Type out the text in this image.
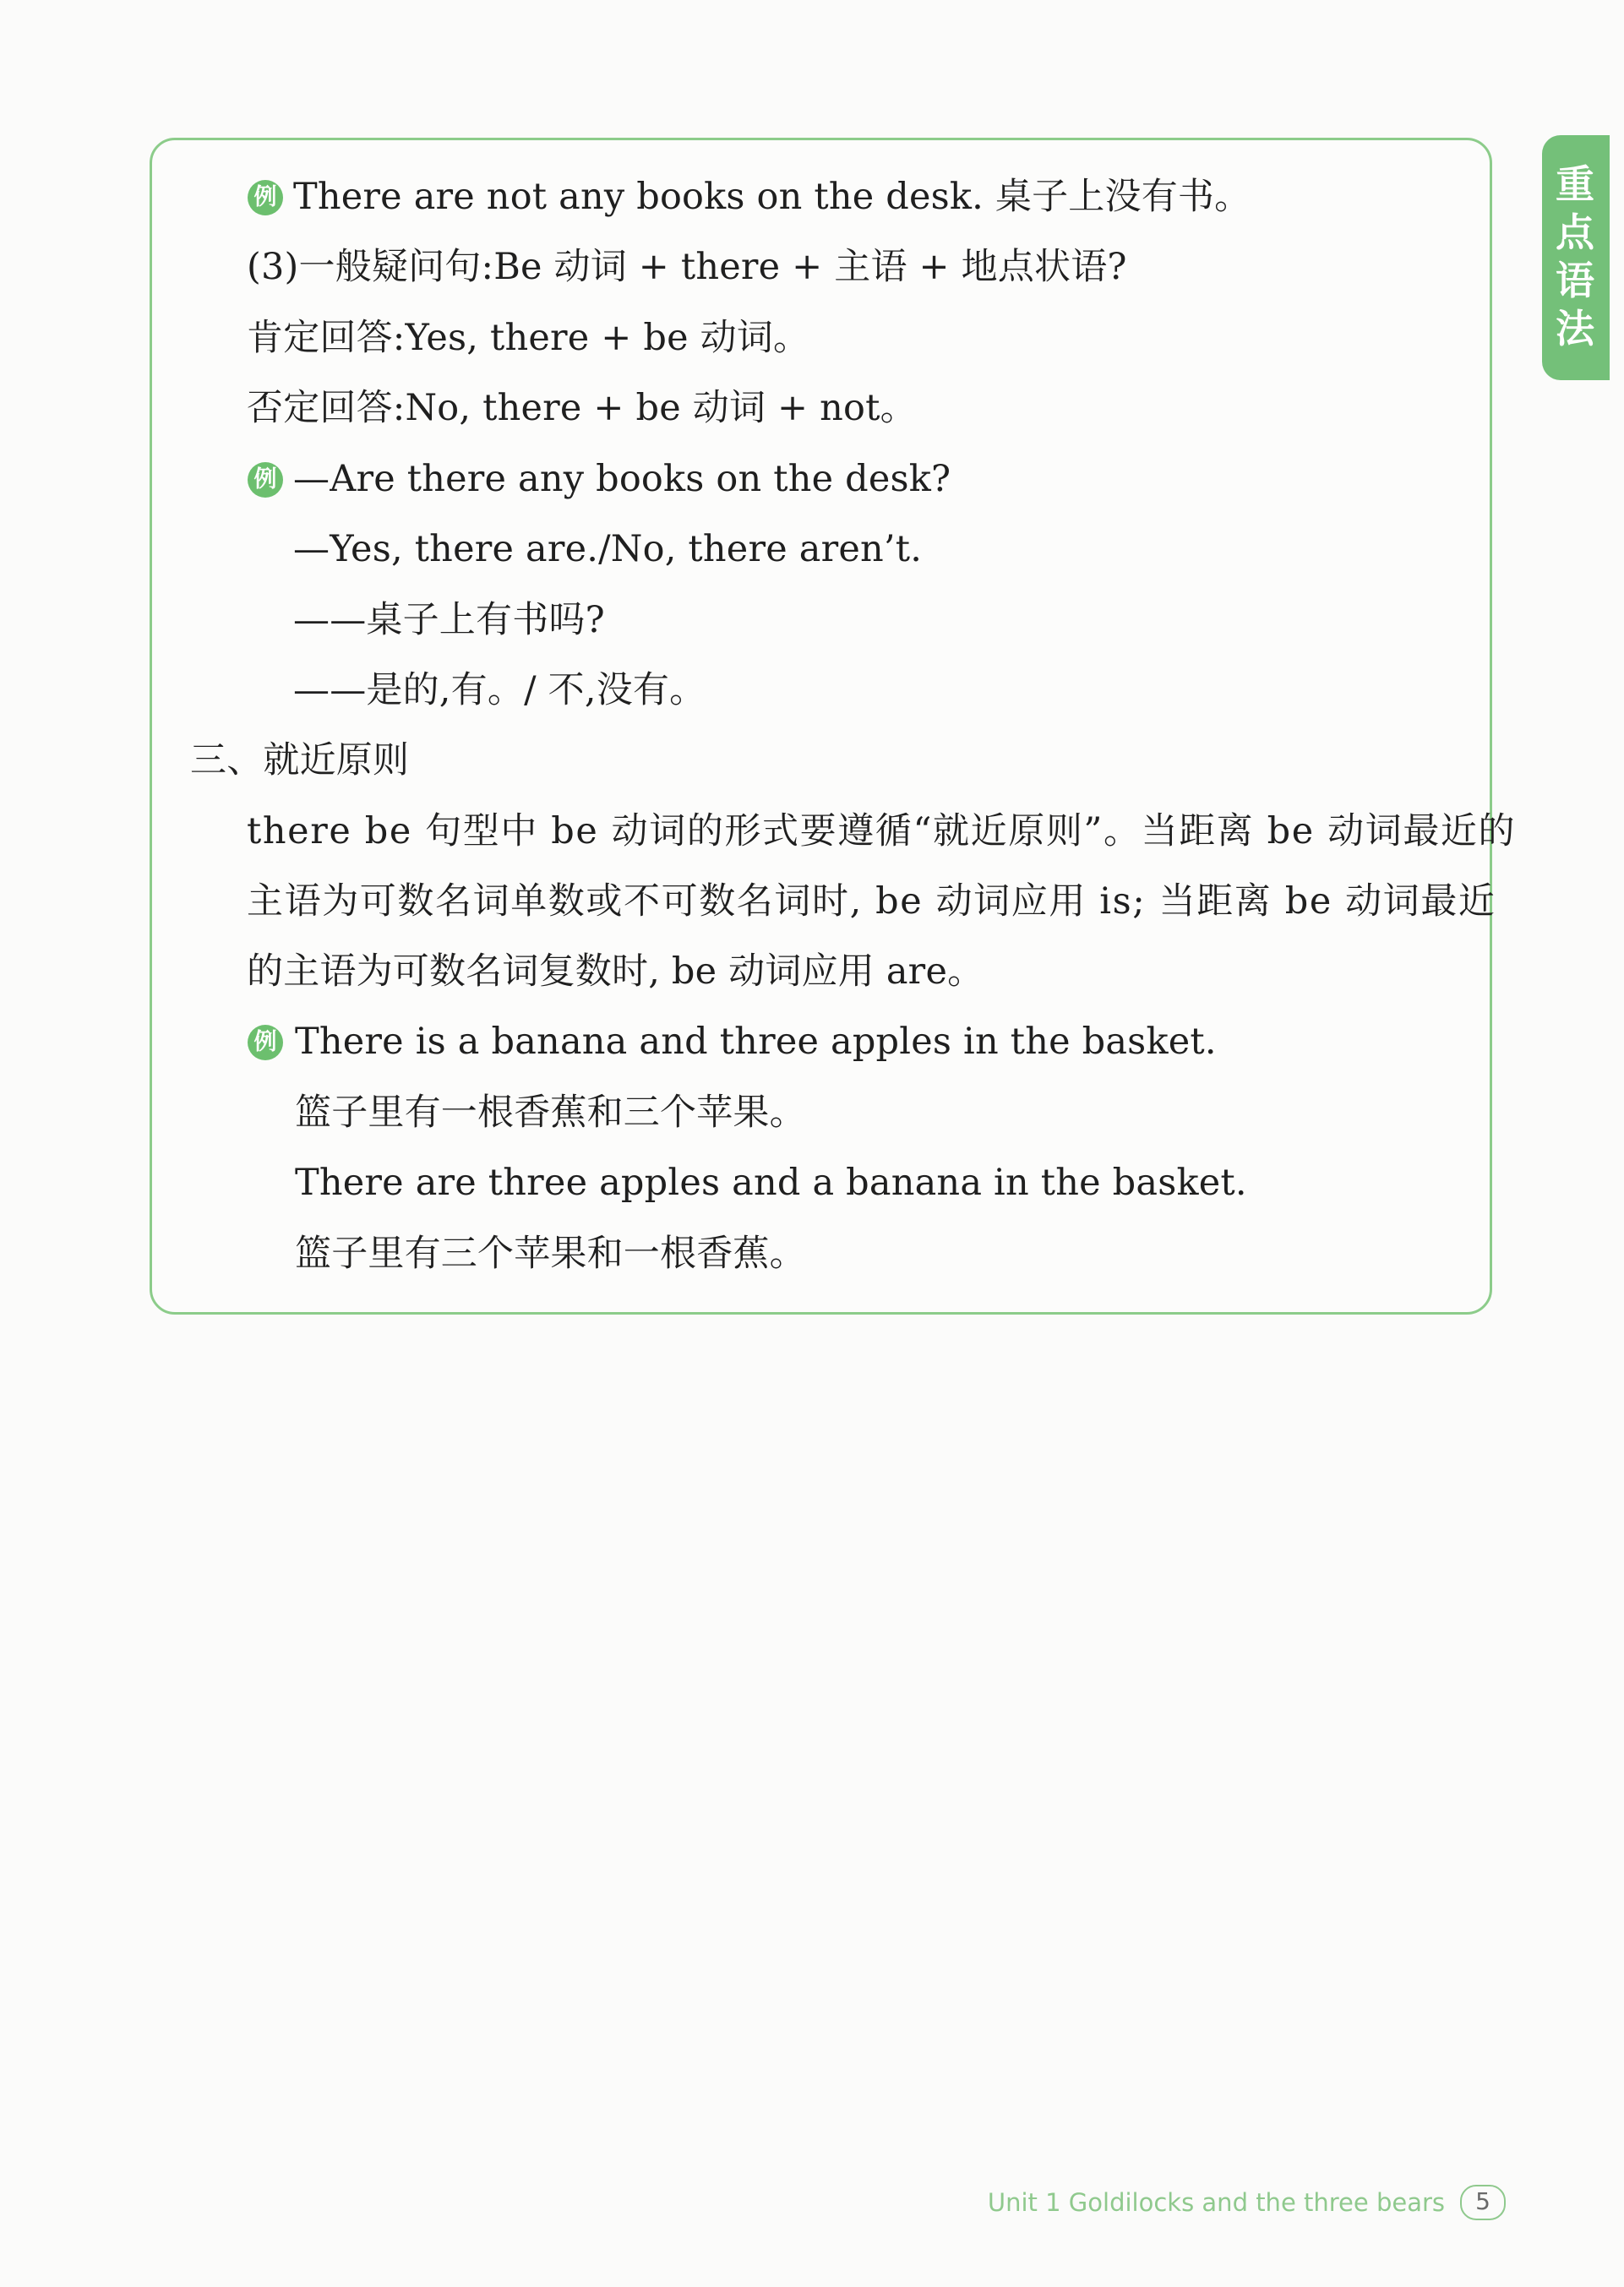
重
点
语
法
例
例
例
There are not any books on the desk. 桌子上没有书。
(3)一般疑问句:Be 动词 + there + 主语 + 地点状语?
肯定回答:Yes, there + be 动词。
否定回答:No, there + be 动词 + not。
—Are there any books on the desk?
—Yes, there are./No, there aren’t.
——桌子上有书吗?
——是的,有。/ 不,没有。
三、就近原则
there be 句型中 be 动词的形式要遵循“就近原则”。当距离 be 动词最近的
主语为可数名词单数或不可数名词时, be 动词应用 is; 当距离 be 动词最近
的主语为可数名词复数时, be 动词应用 are。
There is a banana and three apples in the basket.
篮子里有一根香蕉和三个苹果。
There are three apples and a banana in the basket.
篮子里有三个苹果和一根香蕉。
Unit 1 Goldilocks and the three bears	5
